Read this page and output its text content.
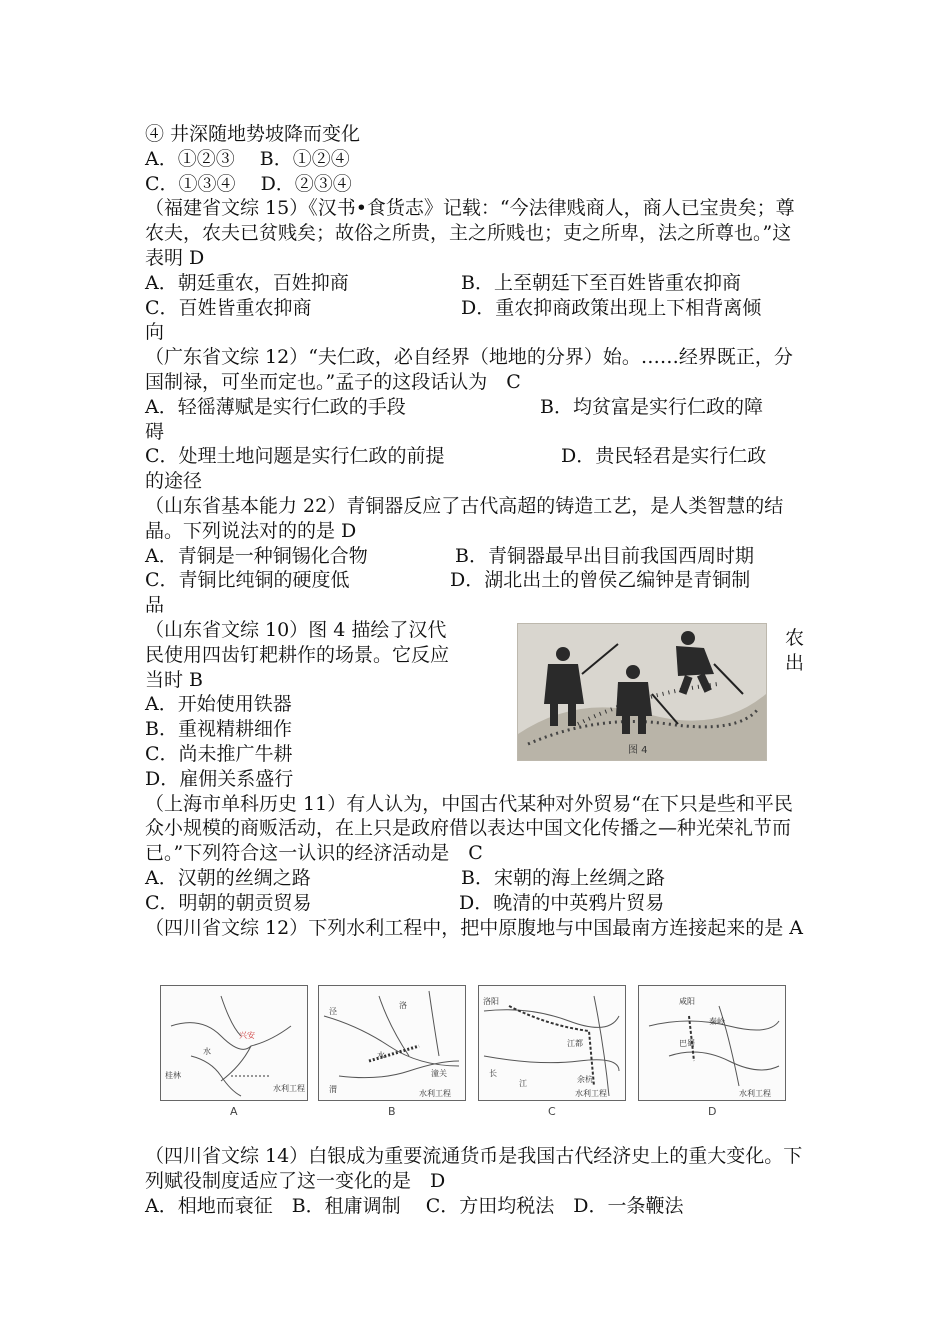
④ 井深随地势坡降而变化
A．①②③　 B．①②④
C．①③④　 D．②③④
（福建省文综 15）《汉书•食货志》记载：“今法律贱商人，商人已宝贵矣；尊农夫，农夫已贫贱矣；故俗之所贵，主之所贱也；吏之所卑，法之所尊也。”这表明 D
A．朝廷重农，百姓抑商	B．上至朝廷下至百姓皆重农抑商
C．百姓皆重农抑商	D．重农抑商政策出现上下相背离倾
向
（广东省文综 12）“夫仁政，必自经界（地地的分界）始。……经界既正，分国制禄，可坐而定也。”孟子的这段话认为　C
A．轻徭薄赋是实行仁政的手段	B．均贫富是实行仁政的障
碍
C．处理土地问题是实行仁政的前提	D．贵民轻君是实行仁政
的途径
（山东省基本能力 22）青铜器反应了古代高超的铸造工艺，是人类智慧的结晶。下列说法对的的是 D
A．青铜是一种铜锡化合物	B．青铜器最早出目前我国西周时期
C．青铜比纯铜的硬度低	D．湖北出土的曾侯乙编钟是青铜制
品
（山东省文综 10）图 4 描绘了汉代
民使用四齿钉耙耕作的场景。它反应
当时 B
A．开始使用铁器
B．重视精耕细作
C．尚未推广牛耕
D．雇佣关系盛行
（上海市单科历史 11）有人认为，中国古代某种对外贸易“在下只是些和平民众小规模的商贩活动，在上只是政府借以表达中国文化传播之—种光荣礼节而已。”下列符合这一认识的经济活动是　C
A．汉朝的丝绸之路	B．宋朝的海上丝绸之路
C．明朝的朝贡贸易	D．晚清的中英鸦片贸易
（四川省文综 12）下列水利工程中，把中原腹地与中国最南方连接起来的是 A
农
出
图 4
兴安
桂林
水
水利工程
A
泾
洛
渭
水
潼关
水利工程
B
洛阳
江都
余杭
长
江
水利工程
C
咸阳
巴蜀
秦岭
水利工程
D
（四川省文综 14）白银成为重要流通货币是我国古代经济史上的重大变化。下列赋役制度适应了这一变化的是　D
A．相地而衰征　B．租庸调制　 C．方田均税法　D．一条鞭法
